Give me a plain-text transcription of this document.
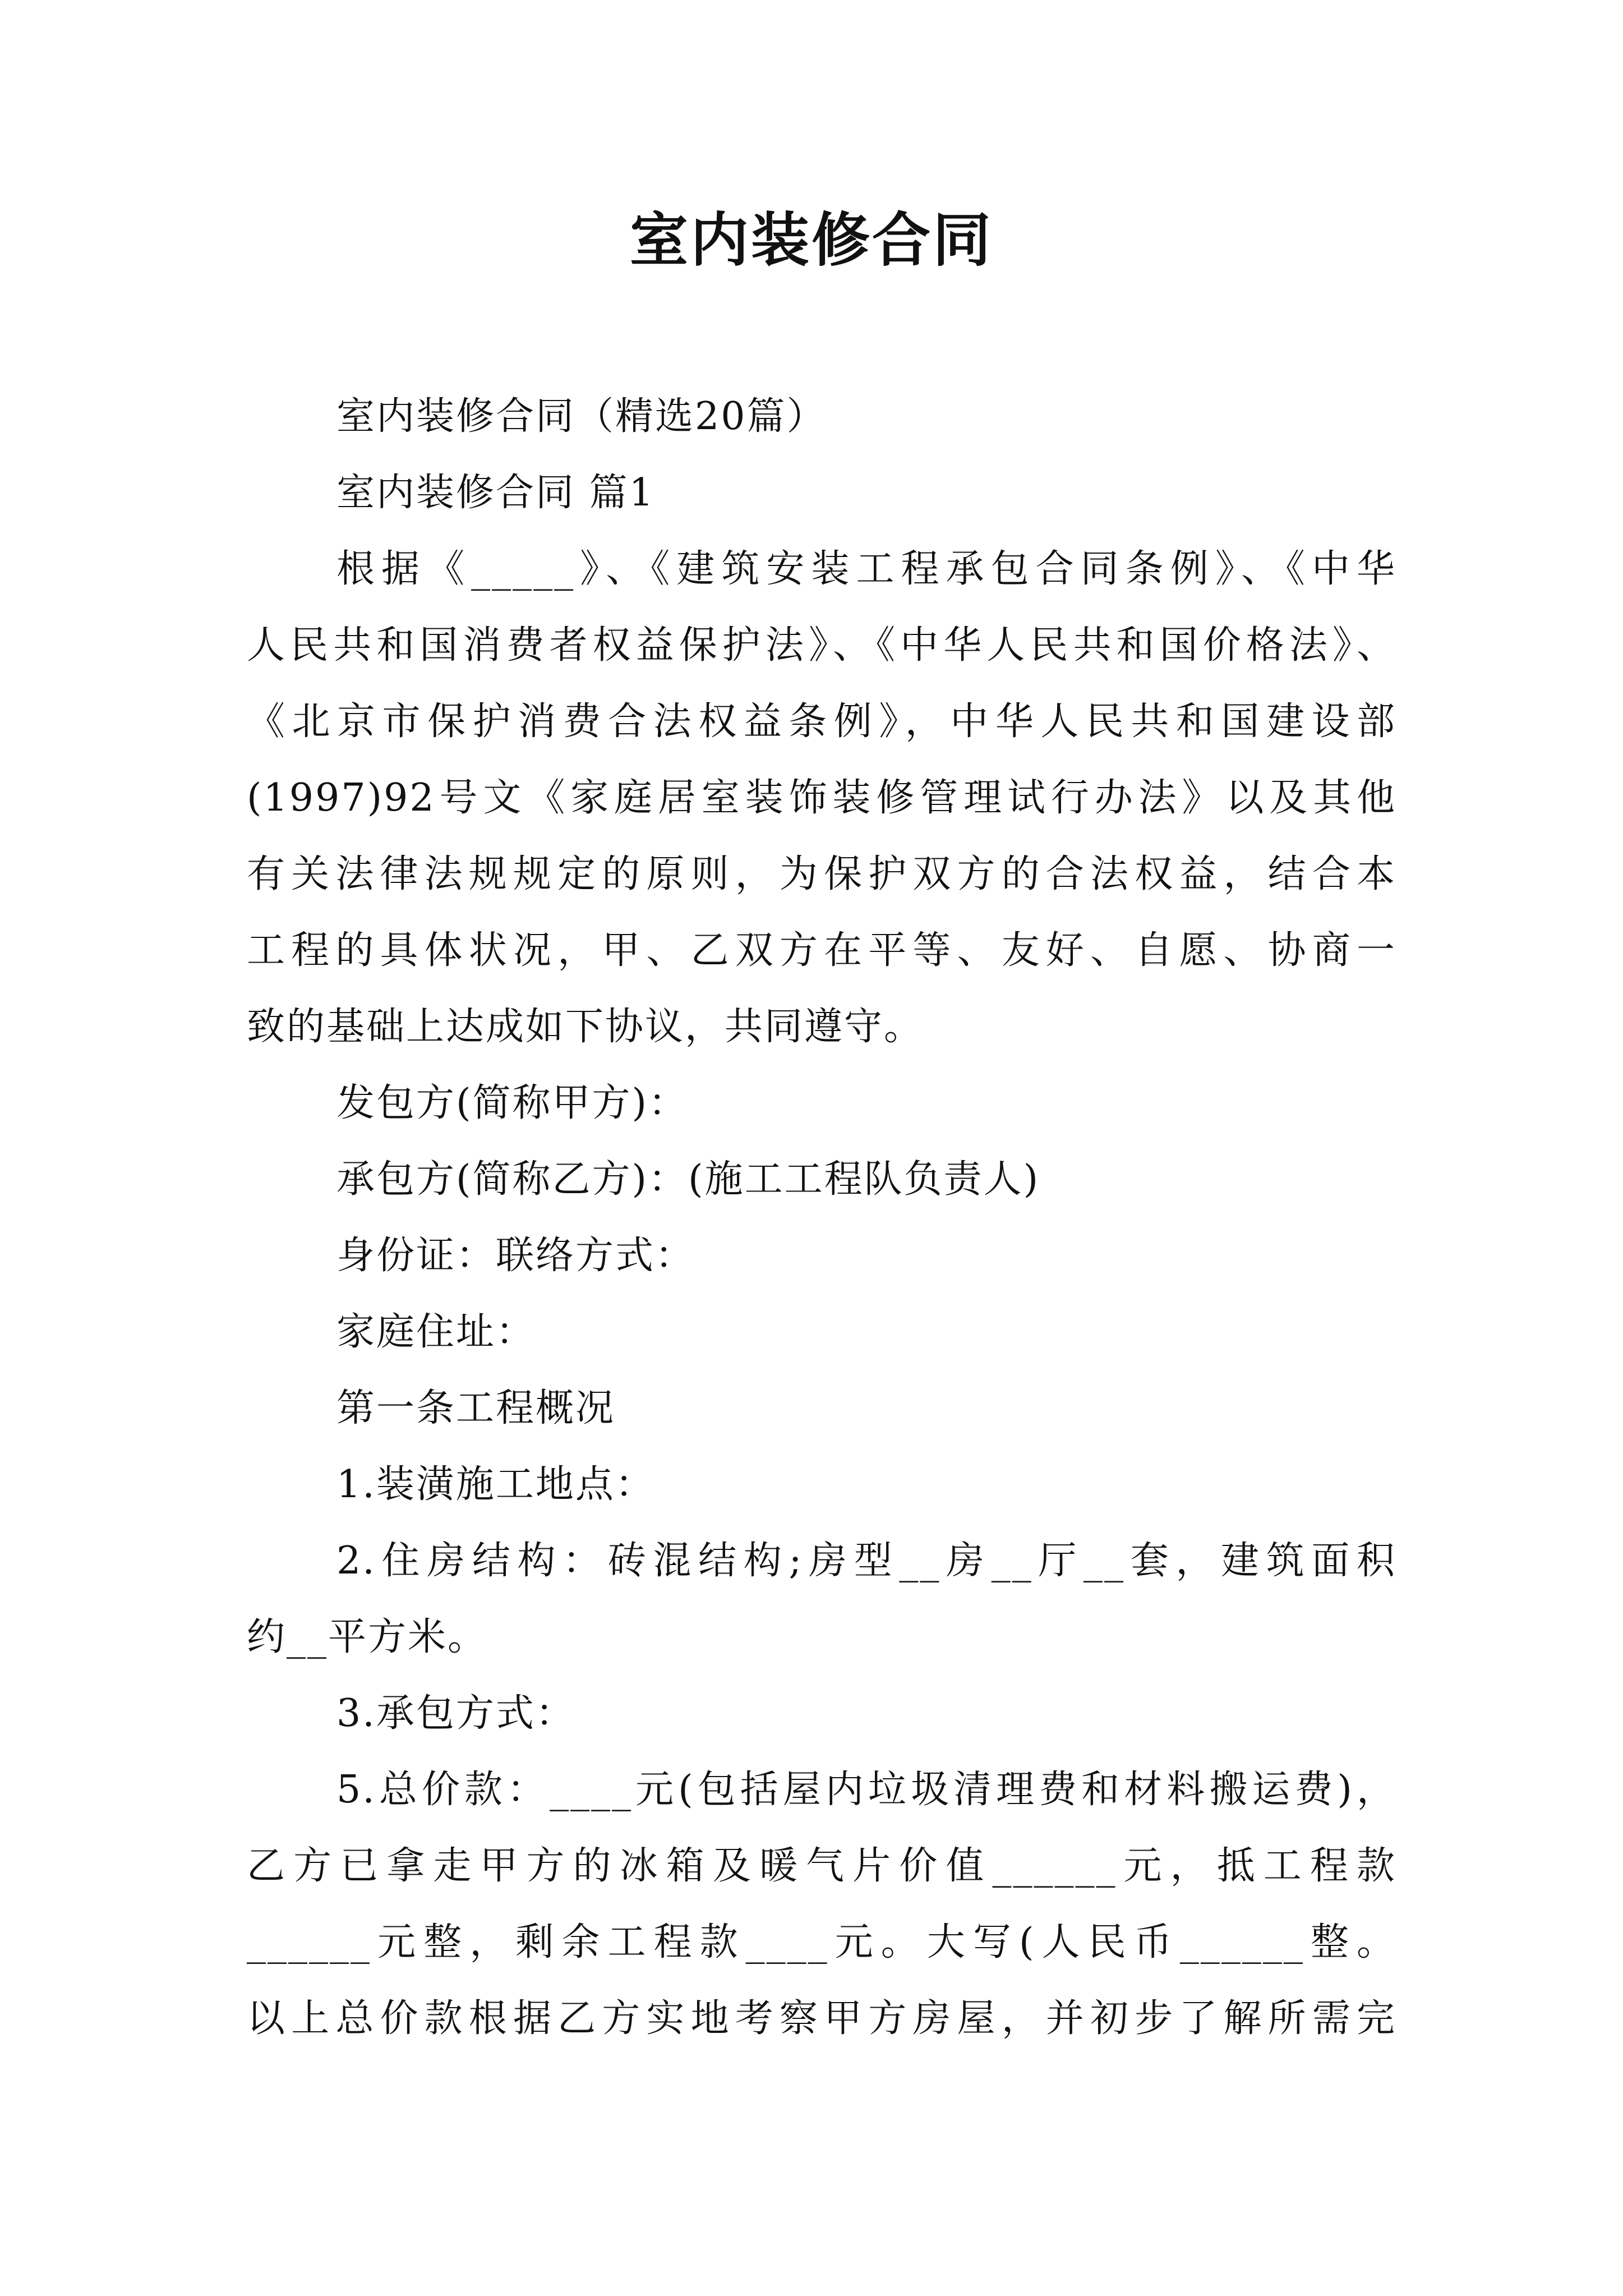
室内装修合同
室内装修合同（精选20篇）
室内装修合同 篇1
根据《_____》、《建筑安装工程承包合同条例》、《中华
人民共和国消费者权益保护法》、《中华人民共和国价格法》、
《北京市保护消费合法权益条例》，中华人民共和国建设部
(1997)92号文《家庭居室装饰装修管理试行办法》以及其他
有关法律法规规定的原则，为保护双方的合法权益，结合本
工程的具体状况，甲、乙双方在平等、友好、自愿、协商一
致的基础上达成如下协议，共同遵守。
发包方(简称甲方)：
承包方(简称乙方)：(施工工程队负责人)
身份证：联络方式：
家庭住址：
第一条工程概况
1.装潢施工地点：
2.住房结构：砖混结构;房型__房__厅__套，建筑面积
约__平方米。
3.承包方式：
5.总价款：____元(包括屋内垃圾清理费和材料搬运费)，
乙方已拿走甲方的冰箱及暖气片价值______元，抵工程款
______元整，剩余工程款____元。大写(人民币______整。
以上总价款根据乙方实地考察甲方房屋，并初步了解所需完
